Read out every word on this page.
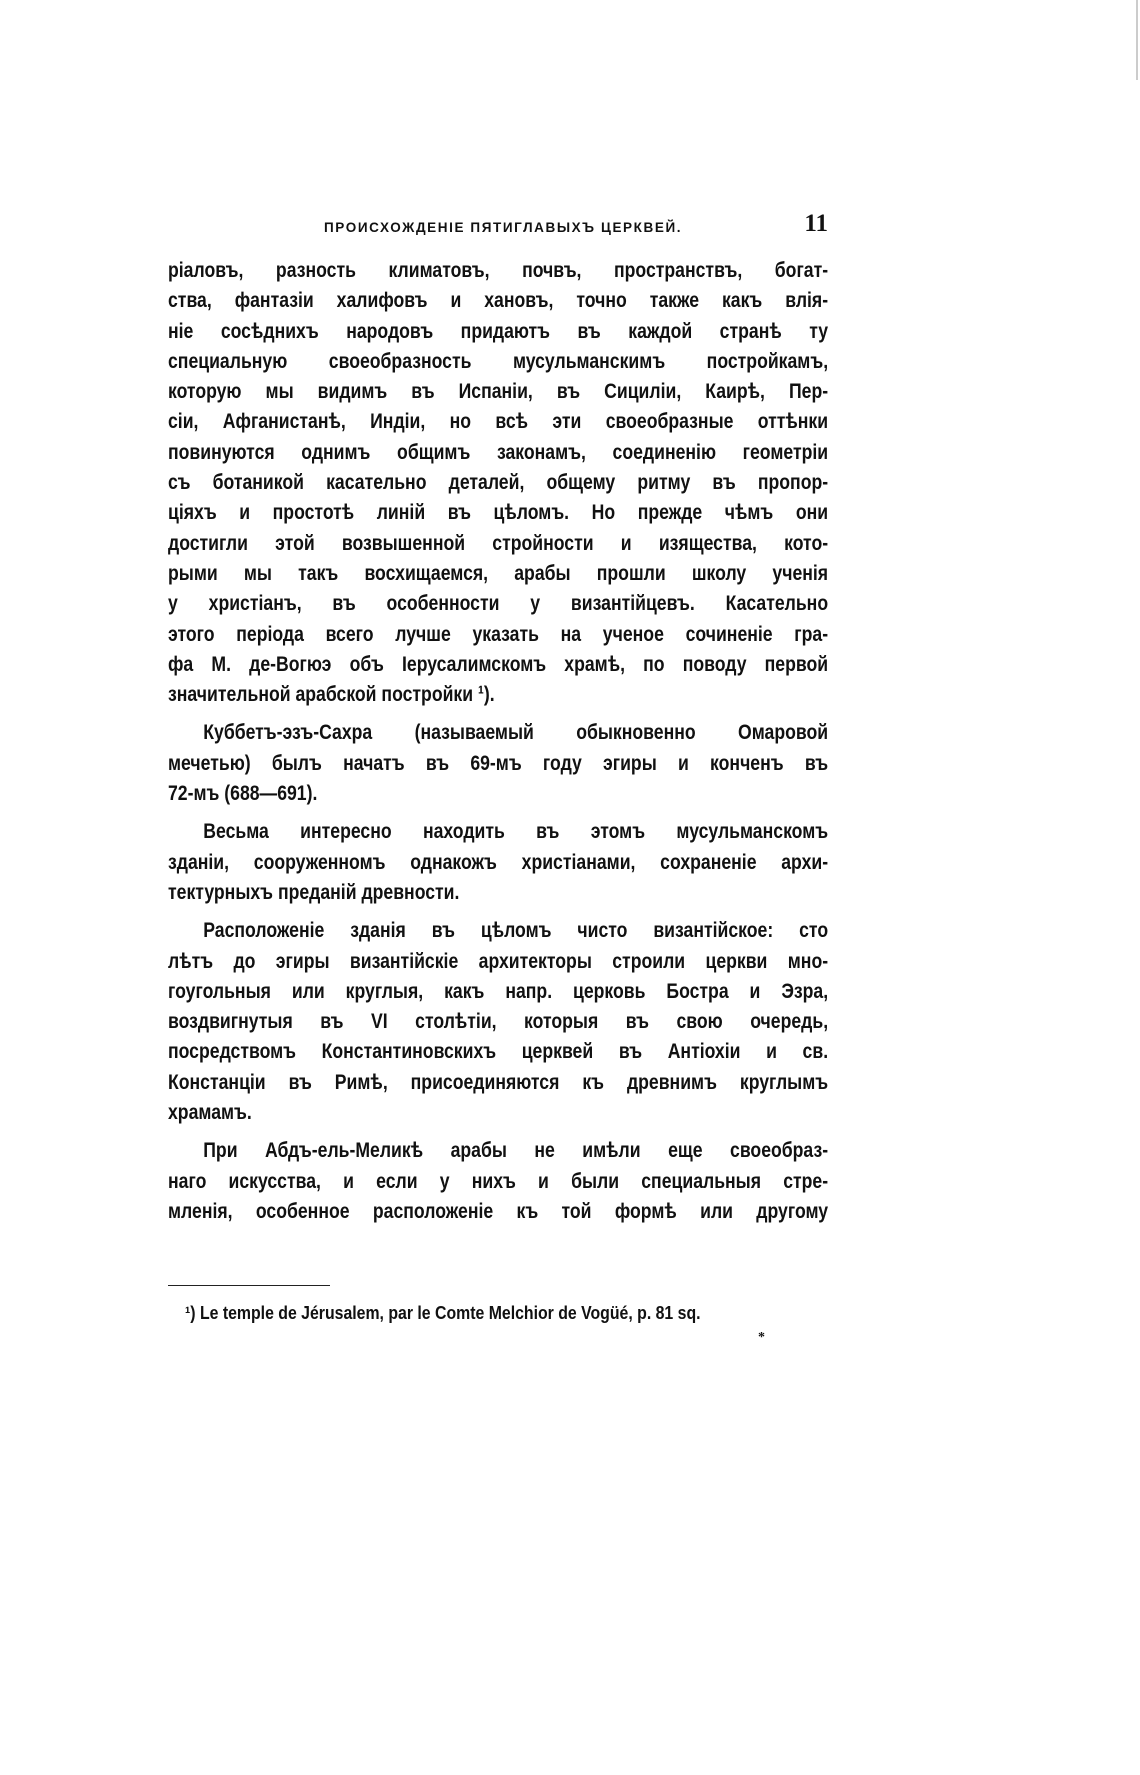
ПРОИСХОЖДЕНІЕ ПЯТИГЛАВЫХЪ ЦЕРКВЕЙ.	11
ріаловъ, разность климатовъ, почвъ, пространствъ, богат-
ства, фантазіи халифовъ и хановъ, точно также какъ влія-
ніе сосѣднихъ народовъ придаютъ въ каждой странѣ ту
специальную своеобразность мусульманскимъ постройкамъ,
которую мы видимъ въ Испаніи, въ Сициліи, Каирѣ, Пер-
сіи, Афганистанѣ, Индіи, но всѣ эти своеобразные оттѣнки
повинуются однимъ общимъ законамъ, соединенію геометріи
съ ботаникой касательно деталей, общему ритму въ пропор-
ціяхъ и простотѣ линій въ цѣломъ. Но прежде чѣмъ они
достигли этой возвышенной стройности и изящества, кото-
рыми мы такъ восхищаемся, арабы прошли школу ученія
у христіанъ, въ особенности у византійцевъ. Касательно
этого періода всего лучше указать на ученое сочиненіе гра-
фа М. де-Вогюэ объ Іерусалимскомъ храмѣ, по поводу первой
значительной арабской постройки ¹).
Куббетъ-эзъ-Сахра (называемый обыкновенно Омаровой
мечетью) былъ начатъ въ 69-мъ году эгиры и конченъ въ
72-мъ (688—691).
Весьма интересно находить въ этомъ мусульманскомъ
зданіи, сооруженномъ однакожъ христіанами, сохраненіе архи-
тектурныхъ преданій древности.
Расположеніе зданія въ цѣломъ чисто византійское: сто
лѣтъ до эгиры византійскіе архитекторы строили церкви мно-
гоугольныя или круглыя, какъ напр. церковь Бостра и Эзра,
воздвигнутыя въ VI столѣтіи, которыя въ свою очередь,
посредствомъ Константиновскихъ церквей въ Антіохіи и св.
Констанціи въ Римѣ, присоединяются къ древнимъ круглымъ
храмамъ.
При Абдъ-ель-Меликѣ арабы не имѣли еще своеобраз-
наго искусства, и если у нихъ и были специальныя стре-
мленія, особенное расположеніе къ той формѣ или другому
¹) Le temple de Jérusalem, par le Comte Melchior de Vogüé, p. 81 sq.
*
